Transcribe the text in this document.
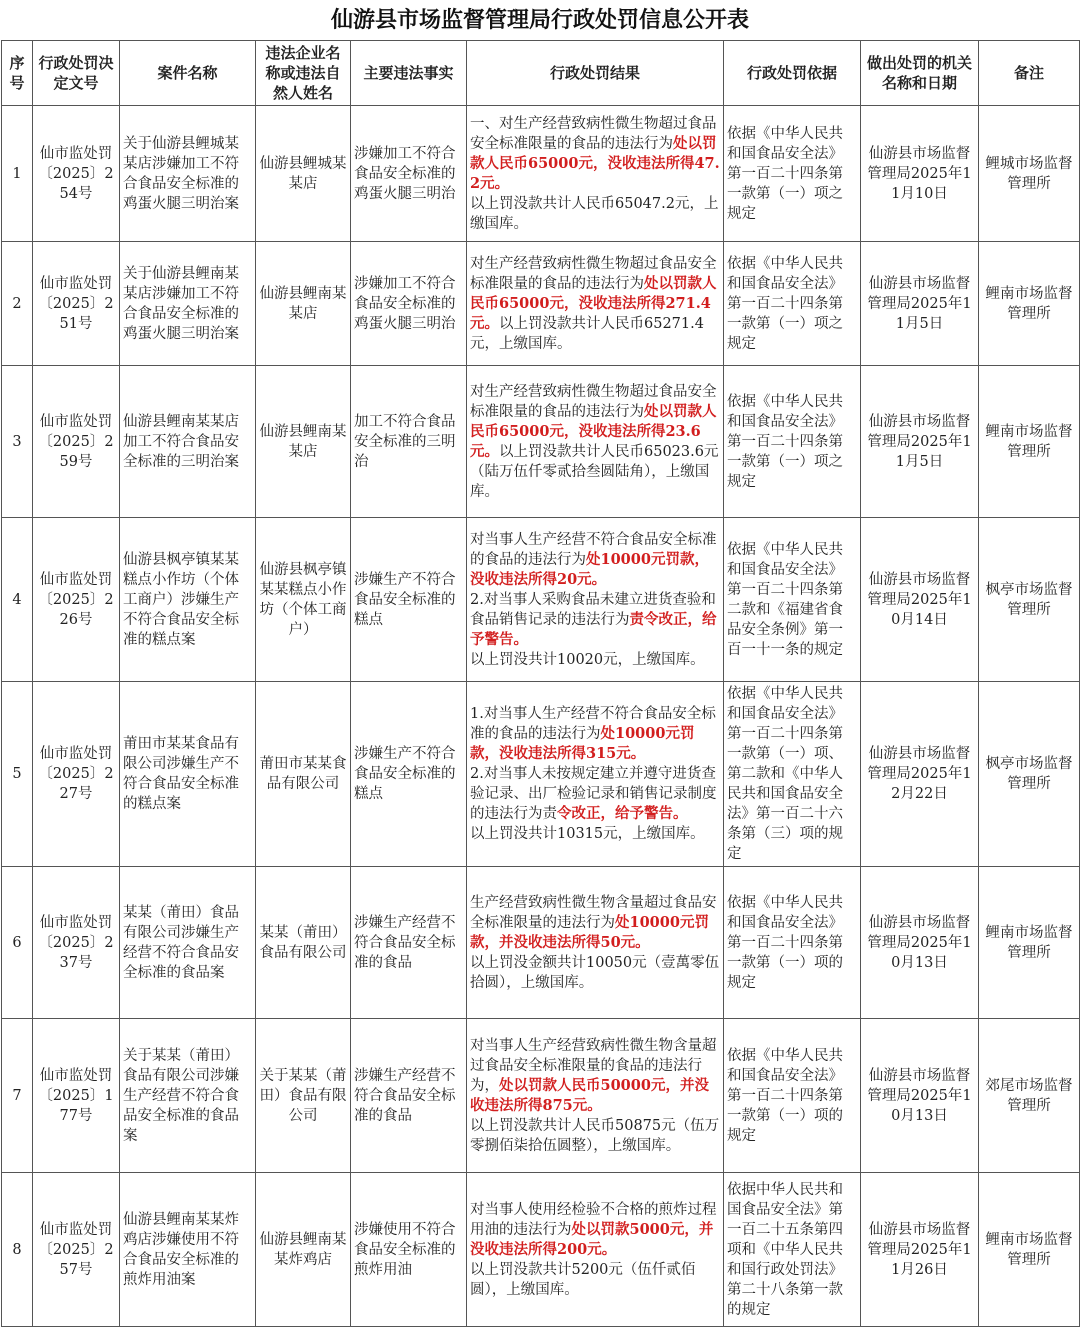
仙游县市场监督管理局行政处罚信息公开表
序号	行政处罚决定文号	案件名称	违法企业名称或违法自然人姓名	主要违法事实	行政处罚结果	行政处罚依据	做出处罚的机关名称和日期	备注
1	仙市监处罚〔2025〕254号	关于仙游县鲤城某某店涉嫌加工不符合食品安全标准的鸡蛋火腿三明治案	仙游县鲤城某某店	涉嫌加工不符合食品安全标准的鸡蛋火腿三明治	一、对生产经营致病性微生物超过食品安全标准限量的食品的违法行为处以罚款人民币65000元，没收违法所得47.2元。
以上罚没款共计人民币65047.2元，上缴国库。	依据《中华人民共和国食品安全法》第一百二十四条第一款第（一）项之规定	仙游县市场监督管理局2025年11月10日	鲤城市场监督管理所
2	仙市监处罚〔2025〕251号	关于仙游县鲤南某某店涉嫌加工不符合食品安全标准的鸡蛋火腿三明治案	仙游县鲤南某某店	涉嫌加工不符合食品安全标准的鸡蛋火腿三明治	对生产经营致病性微生物超过食品安全标准限量的食品的违法行为处以罚款人民币65000元，没收违法所得271.4元。以上罚没款共计人民币65271.4元，上缴国库。	依据《中华人民共和国食品安全法》第一百二十四条第一款第（一）项之规定	仙游县市场监督管理局2025年11月5日	鲤南市场监督管理所
3	仙市监处罚〔2025〕259号	仙游县鲤南某某店加工不符合食品安全标准的三明治案	仙游县鲤南某某店	加工不符合食品安全标准的三明治	对生产经营致病性微生物超过食品安全标准限量的食品的违法行为处以罚款人民币65000元，没收违法所得23.6元。以上罚没款共计人民币65023.6元（陆万伍仟零贰拾叁圆陆角），上缴国库。	依据《中华人民共和国食品安全法》第一百二十四条第一款第（一）项之规定	仙游县市场监督管理局2025年11月5日	鲤南市场监督管理所
4	仙市监处罚〔2025〕226号	仙游县枫亭镇某某糕点小作坊（个体工商户）涉嫌生产不符合食品安全标准的糕点案	仙游县枫亭镇某某糕点小作坊（个体工商户）	涉嫌生产不符合食品安全标准的糕点	对当事人生产经营不符合食品安全标准的食品的违法行为处10000元罚款，没收违法所得20元。
2.对当事人采购食品未建立进货查验和食品销售记录的违法行为责令改正，给予警告。
以上罚没共计10020元，上缴国库。	依据《中华人民共和国食品安全法》第一百二十四条第二款和《福建省食品安全条例》第一百一十一条的规定	仙游县市场监督管理局2025年10月14日	枫亭市场监督管理所
5	仙市监处罚〔2025〕227号	莆田市某某食品有限公司涉嫌生产不符合食品安全标准的糕点案	莆田市某某食品有限公司	涉嫌生产不符合食品安全标准的糕点	1.对当事人生产经营不符合食品安全标准的食品的违法行为处10000元罚款，没收违法所得315元。
2.对当事人未按规定建立并遵守进货查验记录、出厂检验记录和销售记录制度的违法行为责令改正，给予警告。
以上罚没共计10315元，上缴国库。	依据《中华人民共和国食品安全法》第一百二十四条第一款第（一）项、第二款和《中华人民共和国食品安全法》第一百二十六条第（三）项的规定	仙游县市场监督管理局2025年12月22日	枫亭市场监督管理所
6	仙市监处罚〔2025〕237号	某某（莆田）食品有限公司涉嫌生产经营不符合食品安全标准的食品案	某某（莆田）食品有限公司	涉嫌生产经营不符合食品安全标准的食品	生产经营致病性微生物含量超过食品安全标准限量的违法行为处10000元罚款，并没收违法所得50元。
以上罚没金额共计10050元（壹萬零伍拾圆），上缴国库。	依据《中华人民共和国食品安全法》第一百二十四条第一款第（一）项的规定	仙游县市场监督管理局2025年10月13日	鲤南市场监督管理所
7	仙市监处罚〔2025〕177号	关于某某（莆田）食品有限公司涉嫌生产经营不符合食品安全标准的食品案	关于某某（莆田）食品有限公司	涉嫌生产经营不符合食品安全标准的食品	对当事人生产经营致病性微生物含量超过食品安全标准限量的食品的违法行为，处以罚款人民币50000元，并没收违法所得875元。
以上罚没款共计人民币50875元（伍万零捌佰柒拾伍圆整），上缴国库。	依据《中华人民共和国食品安全法》第一百二十四条第一款第（一）项的规定	仙游县市场监督管理局2025年10月13日	郊尾市场监督管理所
8	仙市监处罚〔2025〕257号	仙游县鲤南某某炸鸡店涉嫌使用不符合食品安全标准的煎炸用油案	仙游县鲤南某某炸鸡店	涉嫌使用不符合食品安全标准的煎炸用油	对当事人使用经检验不合格的煎炸过程用油的违法行为处以罚款5000元，并没收违法所得200元。
以上罚没款共计5200元（伍仟贰佰圆），上缴国库。	依据中华人民共和国食品安全法》第一百二十五条第四项和《中华人民共和国行政处罚法》第二十八条第一款的规定	仙游县市场监督管理局2025年11月26日	鲤南市场监督管理所
